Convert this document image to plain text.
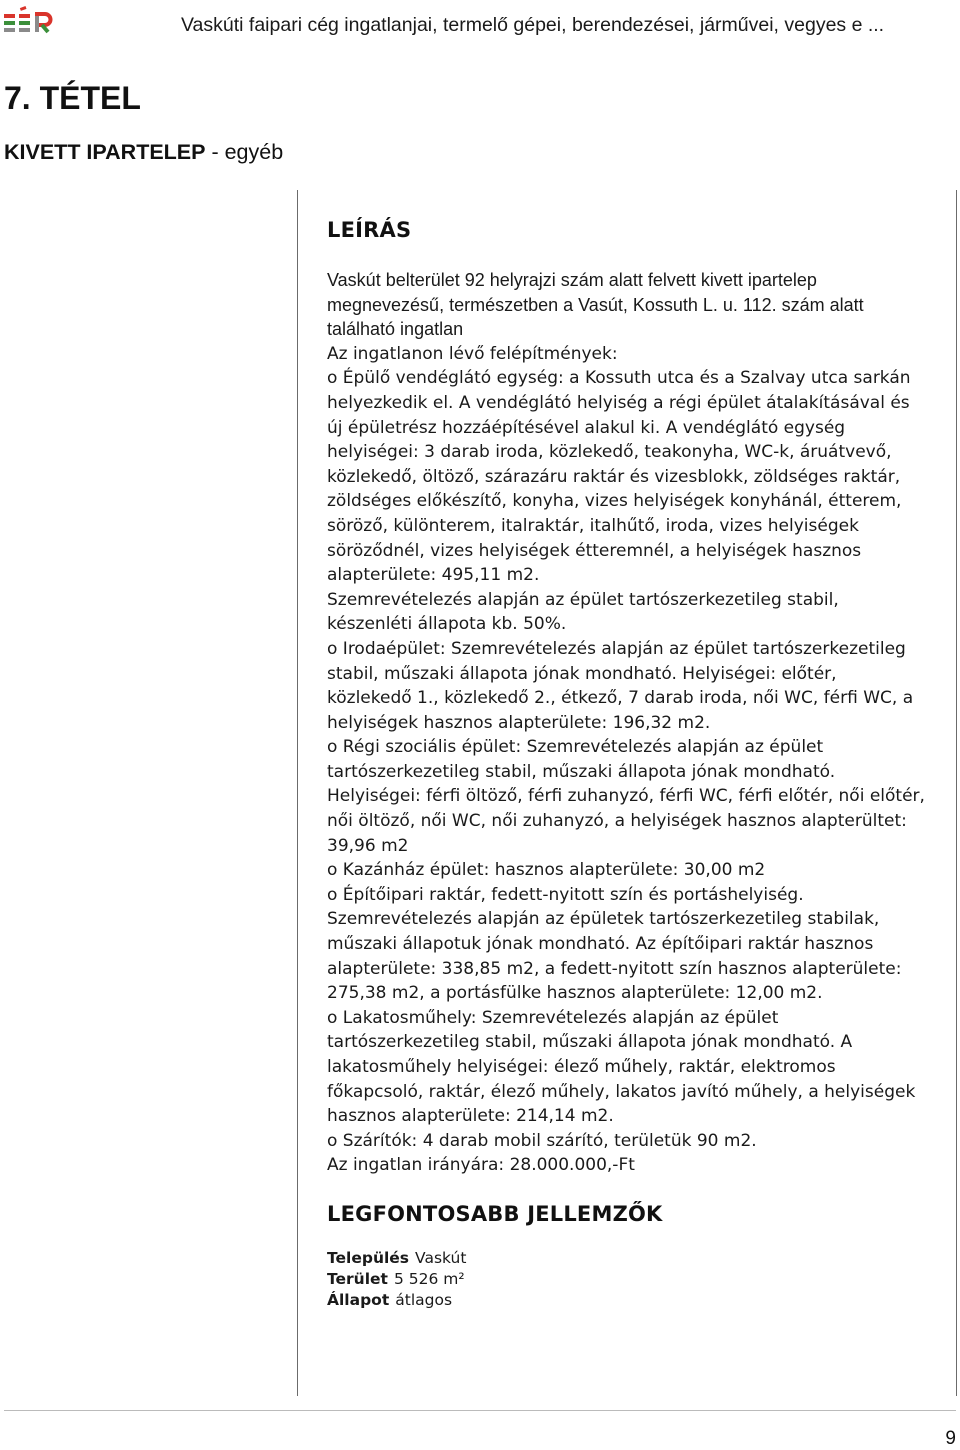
Vaskúti faipari cég ingatlanjai, termelő gépei, berendezései, járművei, vegyes e ...
7. TÉTEL
KIVETT IPARTELEP - egyéb
LEÍRÁS

Vaskút belterület 92 helyrajzi szám alatt felvett kivett ipartelep megnevezésű, természetben a Vasút, Kossuth L. u. 112. szám alatt található ingatlan

Az ingatlanon lévő felépítmények:

o Épülő vendéglátó egység: a Kossuth utca és a Szalvay utca sarkán helyezkedik el. A vendéglátó helyiség a régi épület átalakításával és új épületrész hozzáépítésével alakul ki. A vendéglátó egység helyiségei: 3 darab iroda, közlekedő, teakonyha, WC-k, áruátvevő, közlekedő, öltöző, szárazáru raktár és vizesblokk, zöldséges raktár, zöldséges előkészítő, konyha, vizes helyiségek konyhánál, étterem, söröző, különterem, italraktár, italhűtő, iroda, vizes helyiségek söröződnél, vizes helyiségek étteremnél, a helyiségek hasznos alapterülete: 495,11 m2.

Szemrevételezés alapján az épület tartószerkezetileg stabil, készenléti állapota kb. 50%.

o Irodaépület: Szemrevételezés alapján az épület tartószerkezetileg stabil, műszaki állapota jónak mondható. Helyiségei: előtér, közlekedő 1., közlekedő 2., étkező, 7 darab iroda, női WC, férfi WC, a helyiségek hasznos alapterülete: 196,32 m2.

o Régi szociális épület: Szemrevételezés alapján az épület tartószerkezetileg stabil, műszaki állapota jónak mondható. Helyiségei: férfi öltöző, férfi zuhanyzó, férfi WC, férfi előtér, női előtér, női öltöző, női WC, női zuhanyzó, a helyiségek hasznos alapterültet: 39,96 m2

o Kazánház épület: hasznos alapterülete: 30,00 m2

o Építőipari raktár, fedett-nyitott szín és portáshelyiség. Szemrevételezés alapján az épületek tartószerkezetileg stabilak, műszaki állapotuk jónak mondható. Az építőipari raktár hasznos alapterülete: 338,85 m2, a fedett-nyitott szín hasznos alapterülete: 275,38 m2, a portásfülke hasznos alapterülete: 12,00 m2.

o Lakatosműhely: Szemrevételezés alapján az épület tartószerkezetileg stabil, műszaki állapota jónak mondható. A lakatosműhely helyiségei: élező műhely, raktár, elektromos főkapcsoló, raktár, élező műhely, lakatos javító műhely, a helyiségek hasznos alapterülete: 214,14 m2.

o Szárítók: 4 darab mobil szárító, területük 90 m2.

Az ingatlan irányára: 28.000.000,-Ft

LEGFONTOSABB JELLEMZŐK
Település Vaskút
Terület 5 526 m²
Állapot átlagos
9
